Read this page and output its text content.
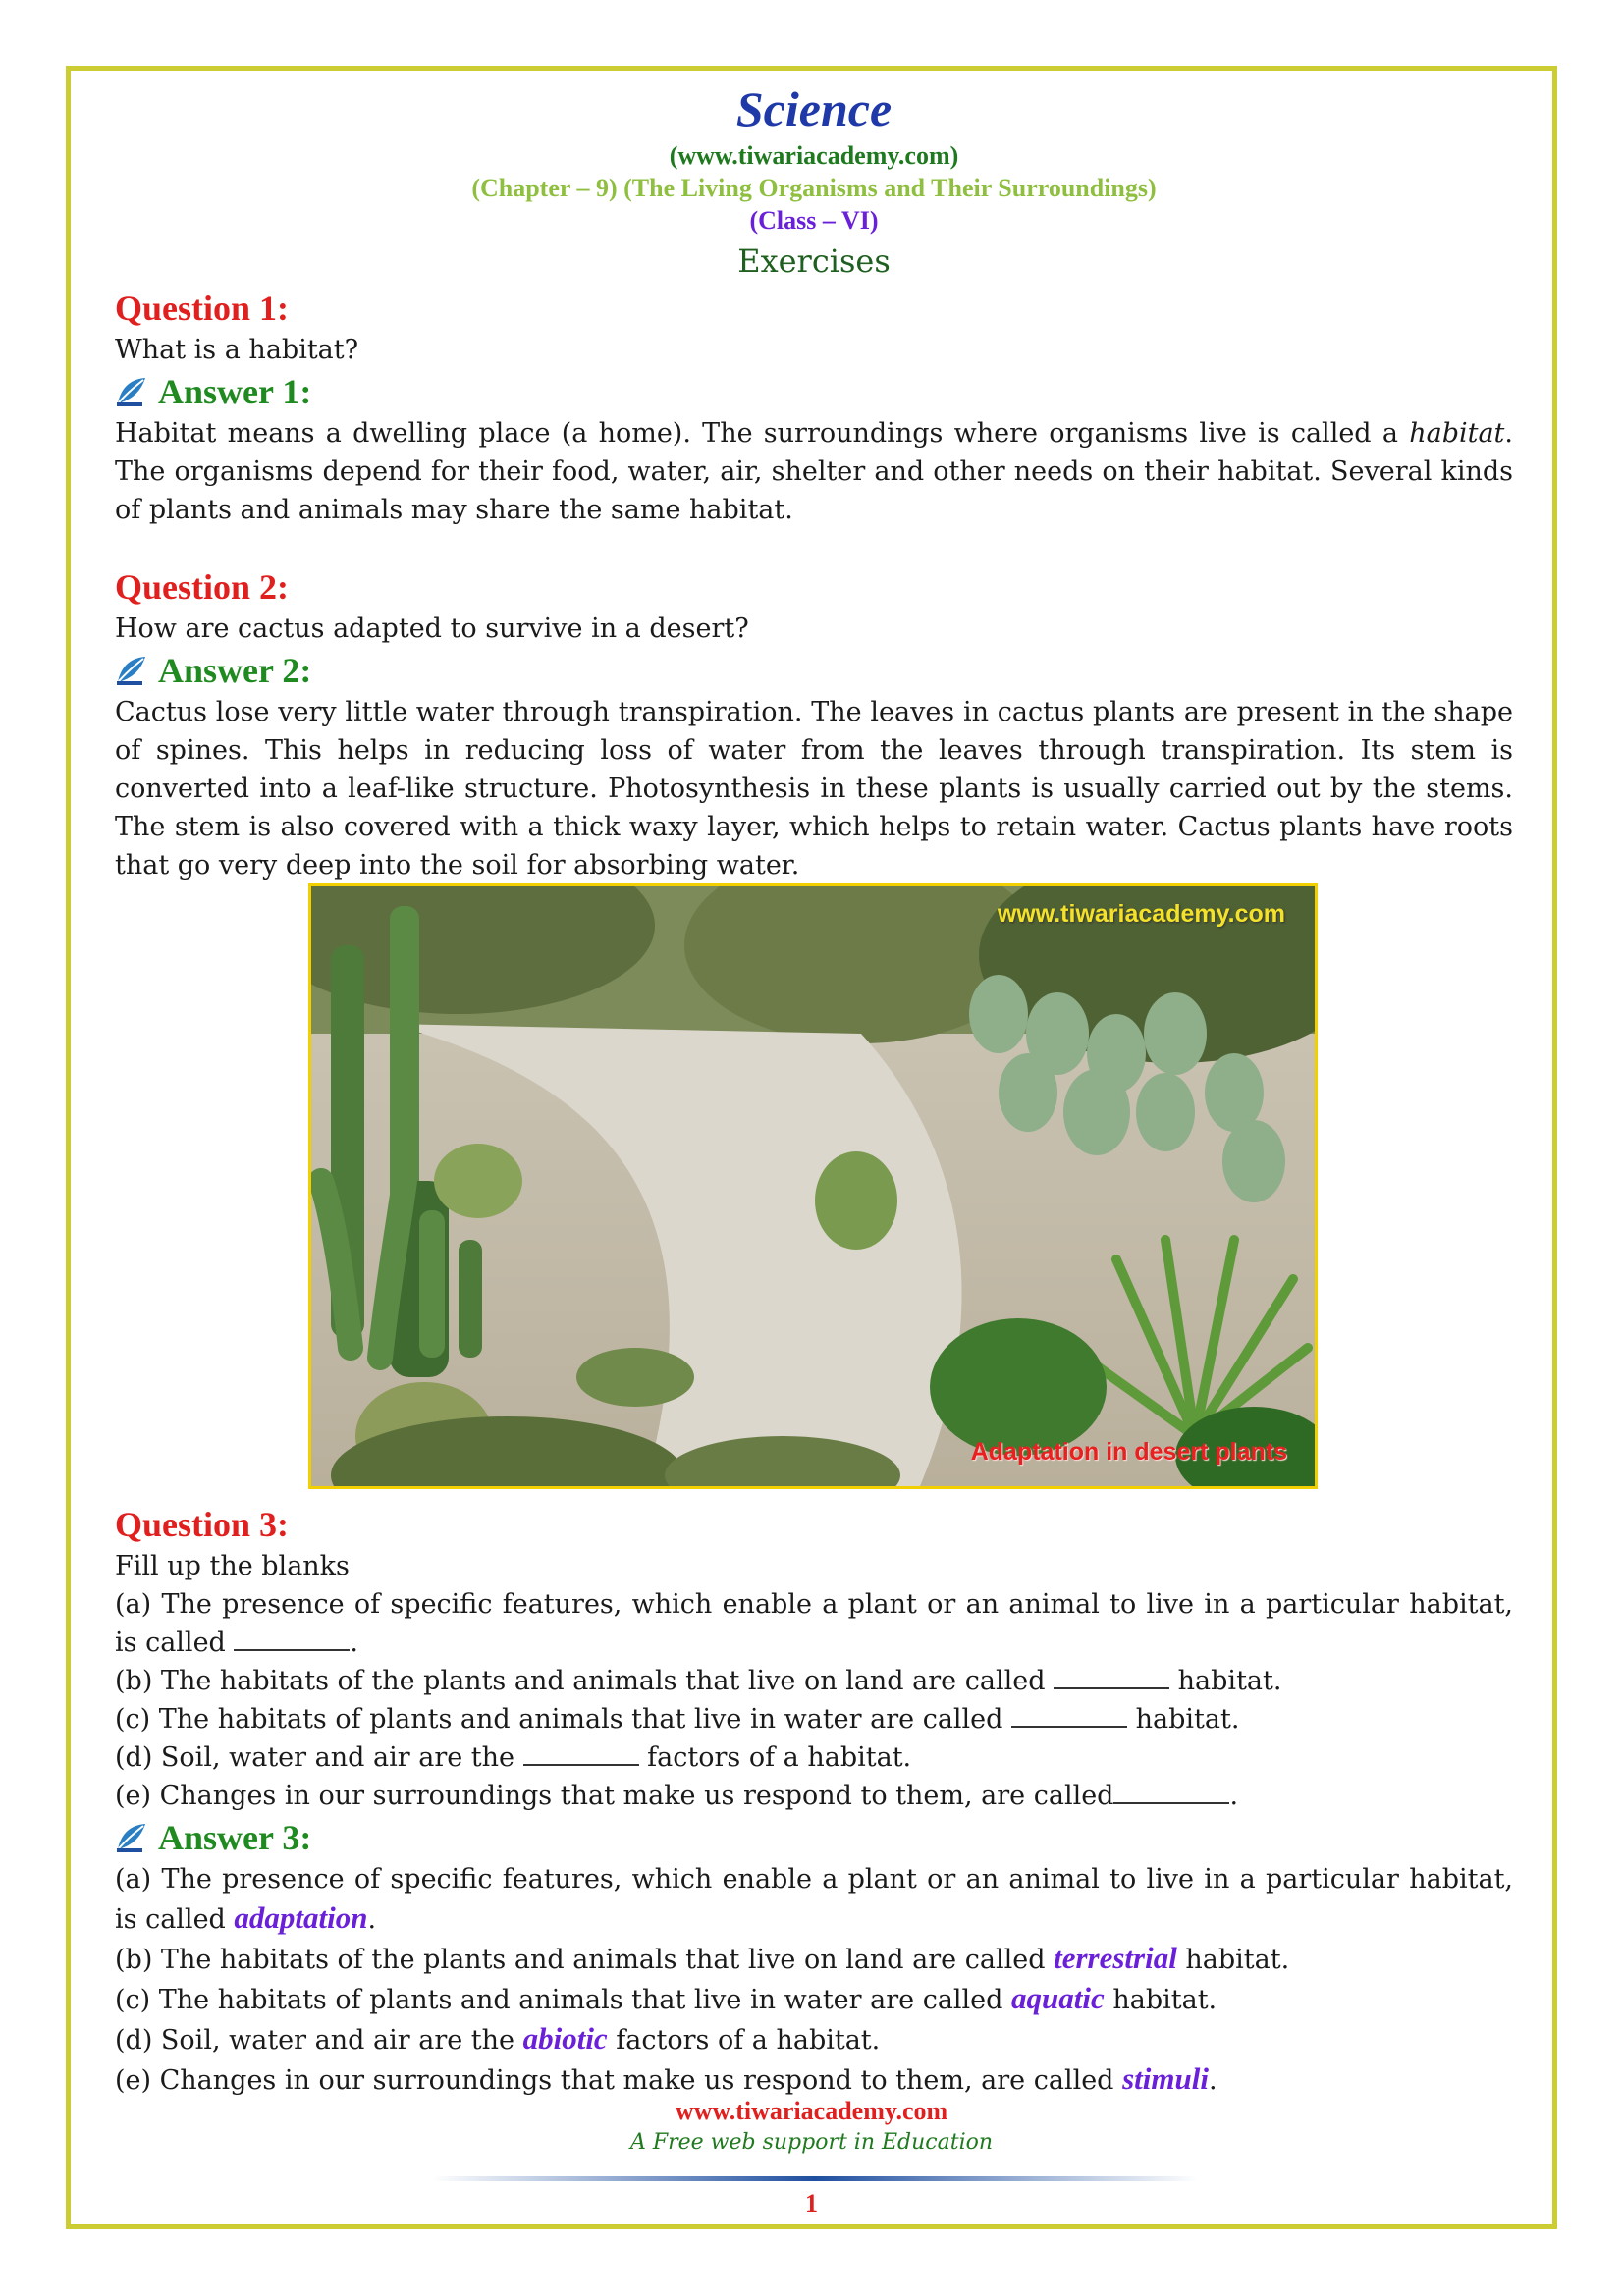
Science
(www.tiwariacademy.com)
(Chapter – 9) (The Living Organisms and Their Surroundings)
(Class – VI)
Exercises
Question 1:
What is a habitat?
Answer 1:
Habitat means a dwelling place (a home). The surroundings where organisms live is called a habitat. The organisms depend for their food, water, air, shelter and other needs on their habitat. Several kinds of plants and animals may share the same habitat.
Question 2:
How are cactus adapted to survive in a desert?
Answer 2:
Cactus lose very little water through transpiration. The leaves in cactus plants are present in the shape of spines. This helps in reducing loss of water from the leaves through transpiration. Its stem is converted into a leaf-like structure. Photosynthesis in these plants is usually carried out by the stems. The stem is also covered with a thick waxy layer, which helps to retain water. Cactus plants have roots that go very deep into the soil for absorbing water.
Question 3:
Fill up the blanks
(a) The presence of specific features, which enable a plant or an animal to live in a particular habitat, is called	.
(b) The habitats of the plants and animals that live on land are called	habitat.
(c) The habitats of plants and animals that live in water are called	habitat.
(d) Soil, water and air are the	factors of a habitat.
(e) Changes in our surroundings that make us respond to them, are called	.
Answer 3:
(a) The presence of specific features, which enable a plant or an animal to live in a particular habitat, is called adaptation.
(b) The habitats of the plants and animals that live on land are called terrestrial habitat.
(c) The habitats of plants and animals that live in water are called aquatic habitat.
(d) Soil, water and air are the abiotic factors of a habitat.
(e) Changes in our surroundings that make us respond to them, are called stimuli.
www.tiwariacademy.com
Adaptation in desert plants
www.tiwariacademy.com
A Free web support in Education
1
